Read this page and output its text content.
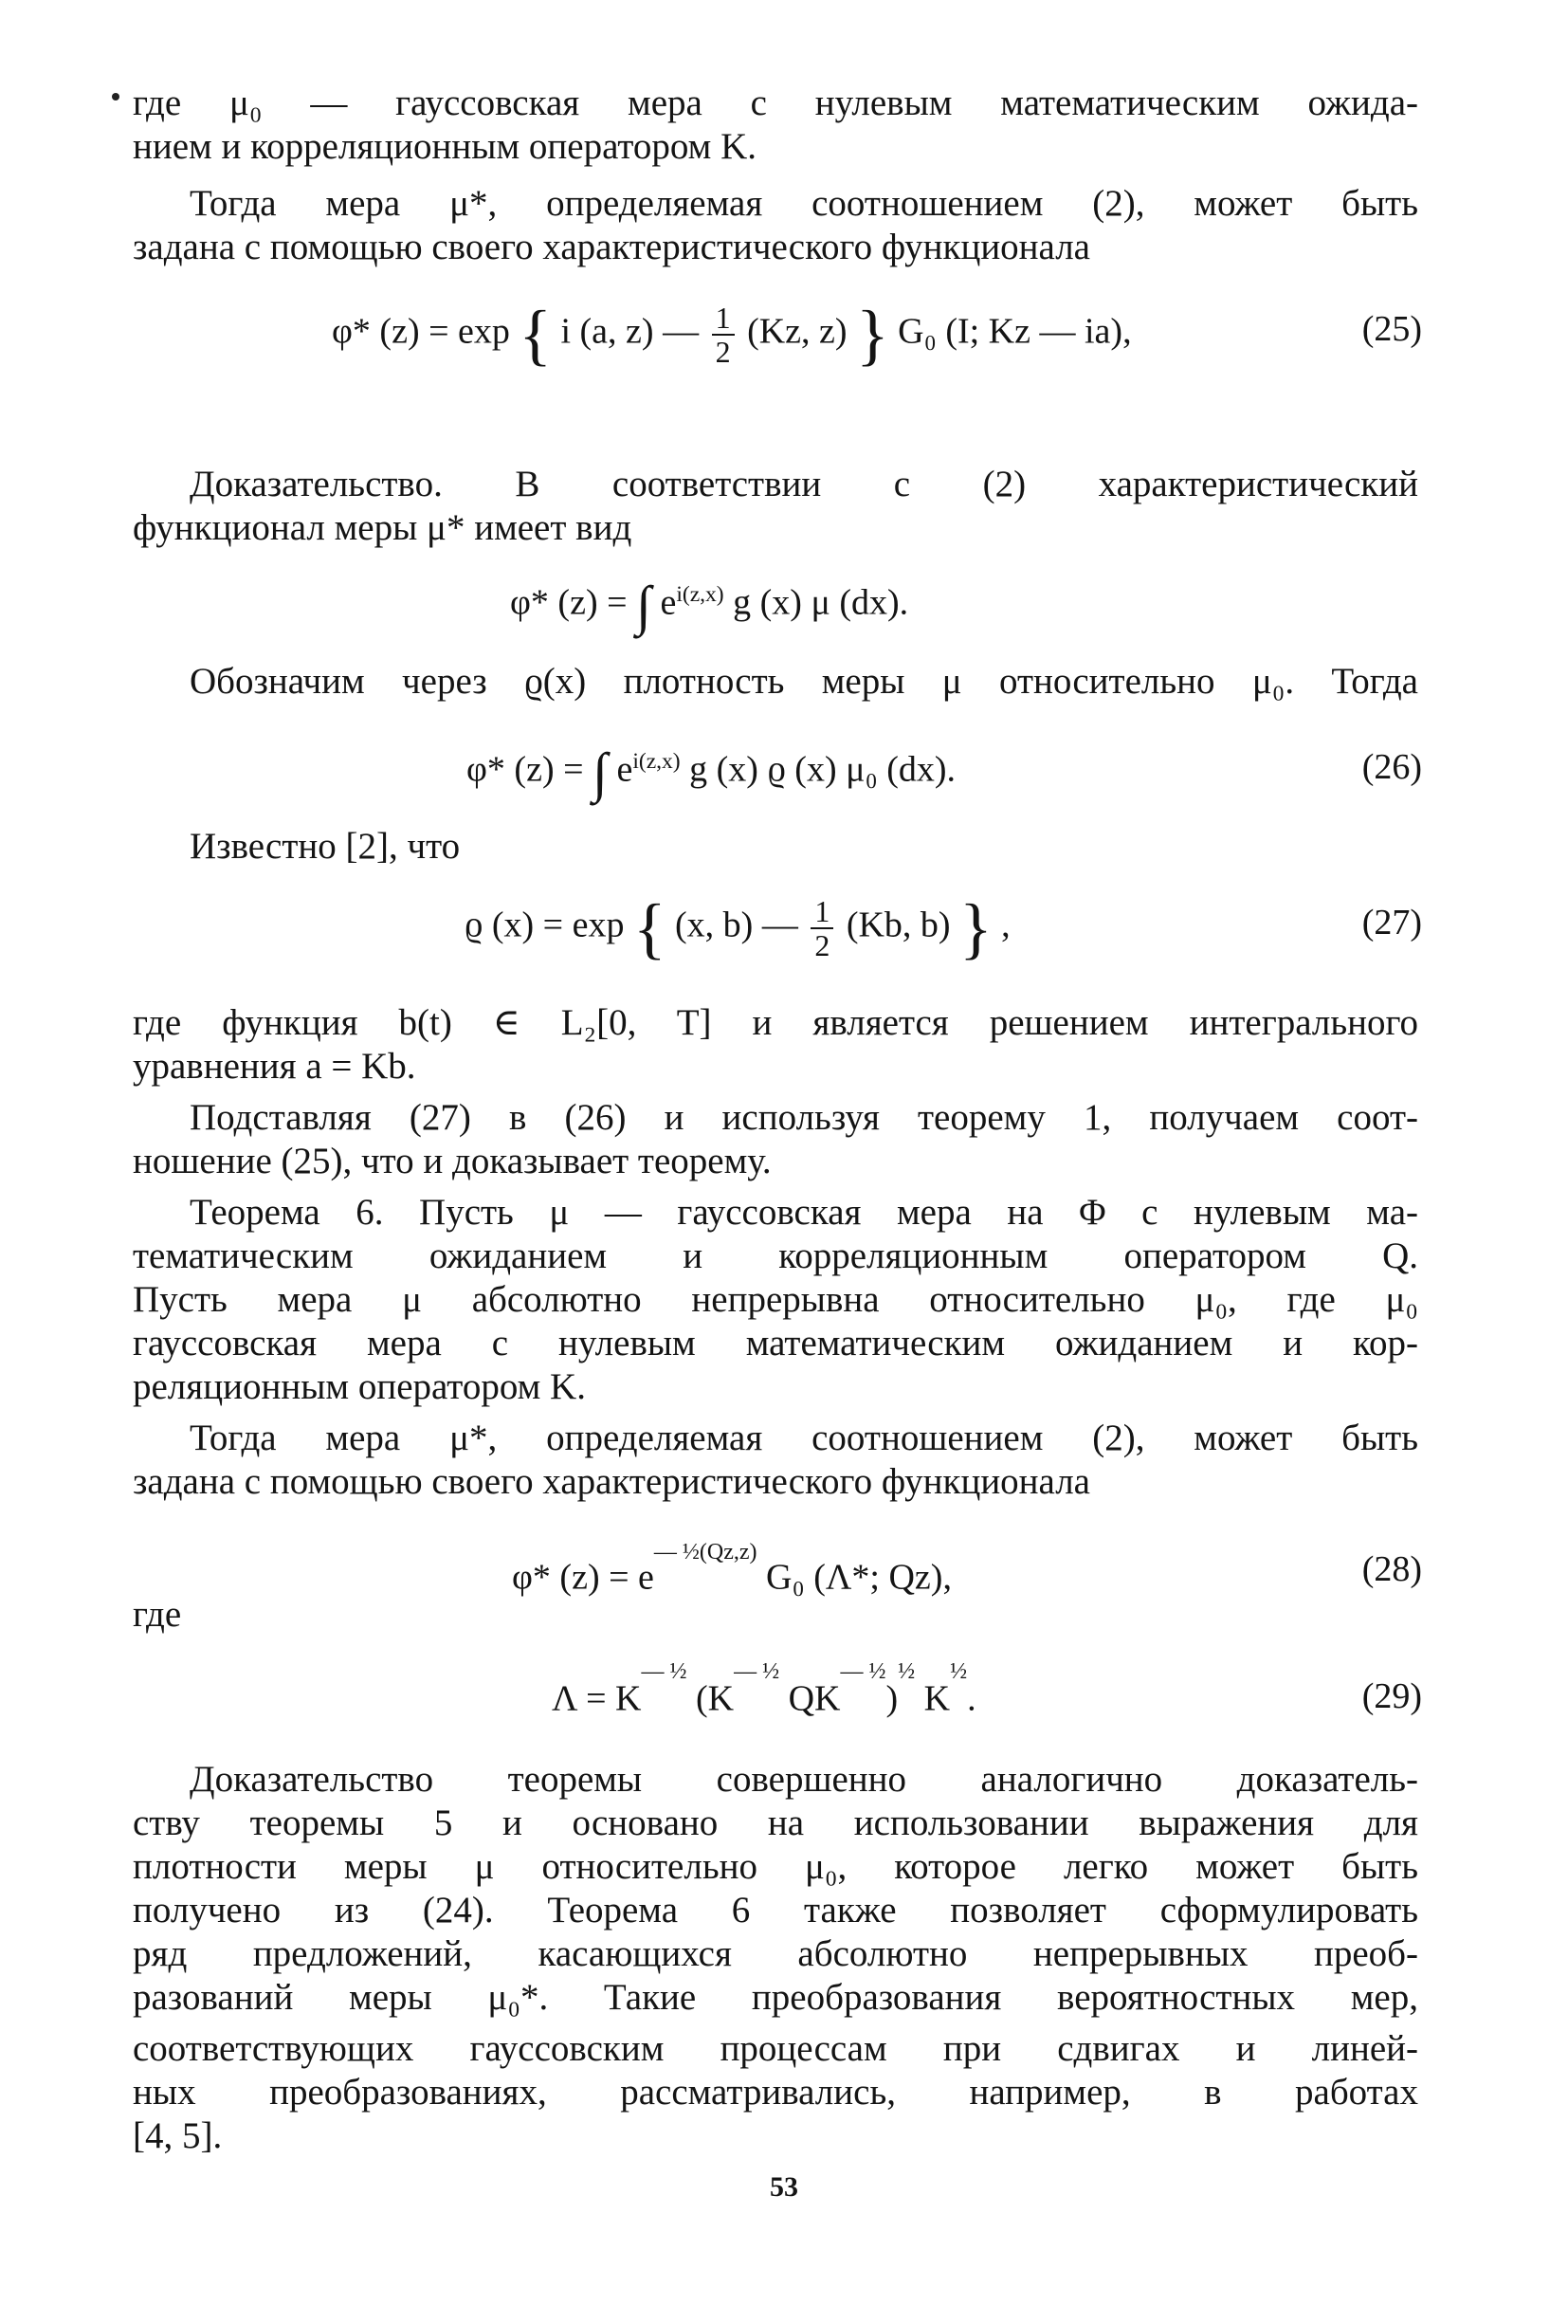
где μ₀ — гауссовская мера с нулевым математическим ожида-
нием и корреляционным оператором K.
Тогда мера μ*, определяемая соотношением (2), может быть
задана с помощью своего характеристического функционала
φ* (z) = exp { i (a, z) — $\frac{1}{2} (Kz$, z) } G₀ (I; Kz — ia),	(25)
Доказательство. В соответствии с (2) характеристический
функционал меры μ* имеет вид
φ* (z) = ∫ $e^{i(z,x)}$ g (x) μ (dx).
Обозначим через ϱ(x) плотность меры μ относительно μ₀. Тогда
φ* (z) = ∫ $e^{i(z,x)}$ g (x) ϱ (x) μ₀ (dx).	(26)
Известно [2], что
ϱ (x) = exp { (x, b) — $\frac{1}{2} (Kb$, b) } ,	(27)
где функция b(t) ∈ L₂[0, T] и является решением интегрального
уравнения a = Kb.
Подставляя (27) в (26) и используя теорему 1, получаем соот-
ношение (25), что и доказывает теорему.
Теорема 6. Пусть μ — гауссовская мера на Φ с нулевым ма-
тематическим ожиданием и корреляционным оператором Q.
Пусть мера μ абсолютно непрерывна относительно μ₀, где μ₀
гауссовская мера с нулевым математическим ожиданием и кор-
реляционным оператором K.
Тогда мера μ*, определяемая соотношением (2), может быть
задана с помощью своего характеристического функционала
φ* $(z) = e^{— \frac{1}{2}(Qz,z)}$ G₀ (Λ*; Qz),	(28)
где
$\Lambda = K^{— \frac{1}{2}}$ ($K^{— \frac{1}{2}}$ $QK^{— \frac{1}{2}})^{\frac{1}{2}}$ $K^{\frac{1}{2}}$.	(29)
Доказательство теоремы совершенно аналогично доказатель-
ству теоремы 5 и основано на использовании выражения для
плотности меры μ относительно μ₀, которое легко может быть
получено из (24). Теорема 6 также позволяет сформулировать
ряд предложений, касающихся абсолютно непрерывных преоб-
разований меры μ₀*. Такие преобразования вероятностных мер,
соответствующих гауссовским процессам при сдвигах и линей-
ных преобразованиях, рассматривались, например, в работах
[4, 5].
53
